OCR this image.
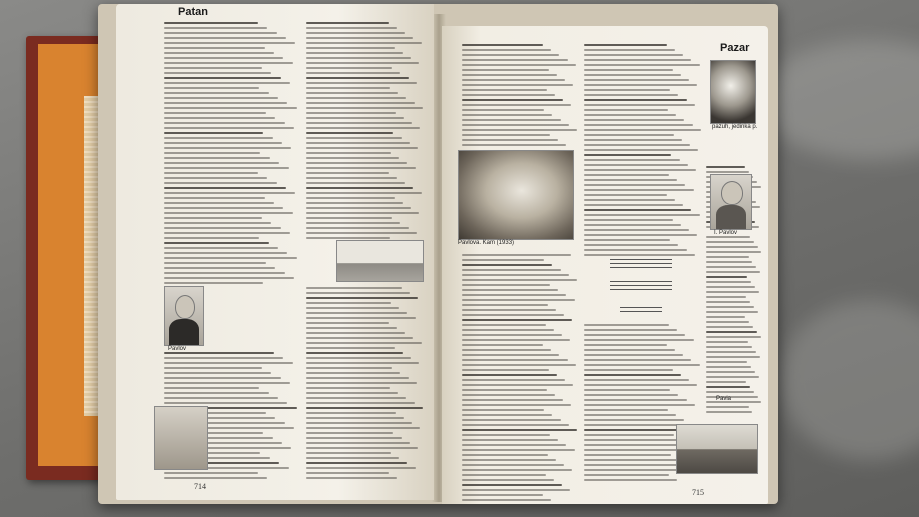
Patan
Pavlov
714
Pazar
Pavlova. Kam (1933)
pazuh, jedinka p.
I. Pavlov
Pavia
715
